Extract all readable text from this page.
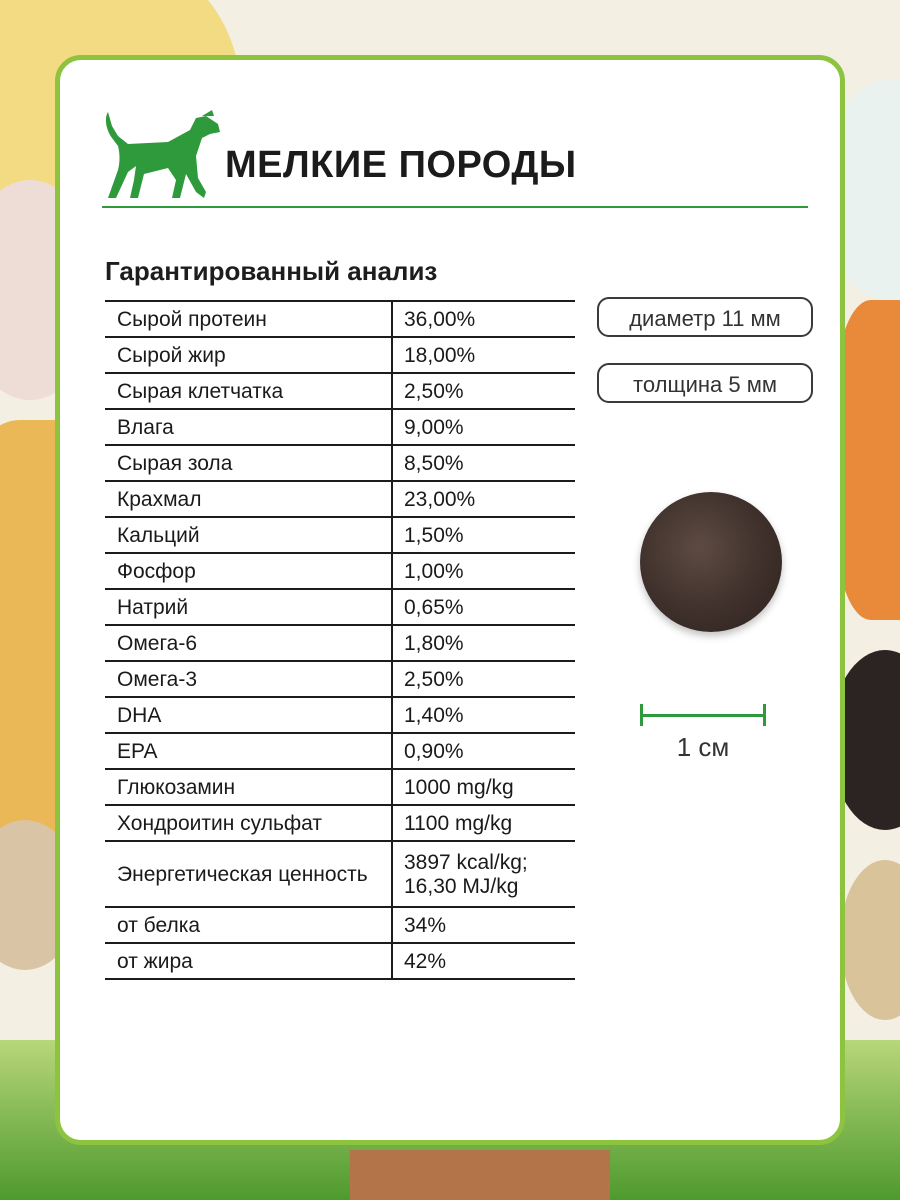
МЕЛКИЕ ПОРОДЫ
Гарантированный анализ
Сырой протеин	36,00%
Сырой жир	18,00%
Сырая клетчатка	2,50%
Влага	9,00%
Сырая зола	8,50%
Крахмал	23,00%
Кальций	1,50%
Фосфор	1,00%
Натрий	0,65%
Омега-6	1,80%
Омега-3	2,50%
DHA	1,40%
EPA	0,90%
Глюкозамин	1000 mg/kg
Хондроитин сульфат	1100 mg/kg
Энергетическая ценность	3897 kcal/kg; 16,30 MJ/kg
от белка	34%
от жира	42%
диаметр 11 мм
толщина 5 мм
1 см
